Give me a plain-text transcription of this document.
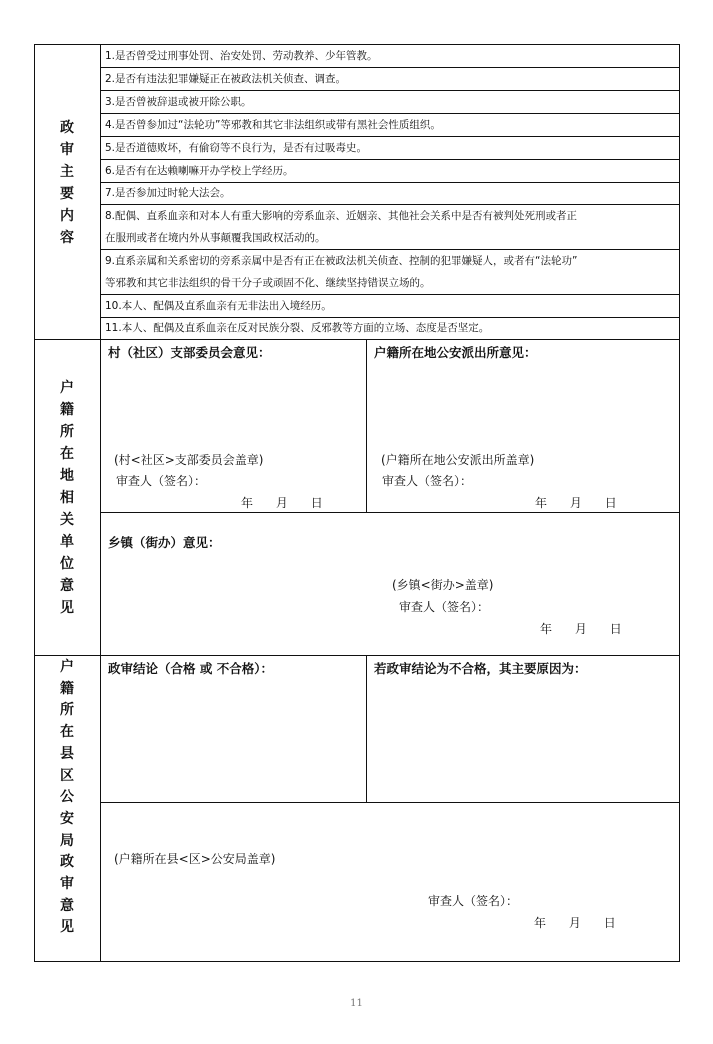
政
审
主
要
内
容
1.是否曾受过刑事处罚、治安处罚、劳动教养、少年管教。
2.是否有违法犯罪嫌疑正在被政法机关侦查、调查。
3.是否曾被辞退或被开除公职。
4.是否曾参加过“法轮功”等邪教和其它非法组织或带有黑社会性质组织。
5.是否道德败坏，有偷窃等不良行为，是否有过吸毒史。
6.是否有在达赖喇嘛开办学校上学经历。
7.是否参加过时轮大法会。
8.配偶、直系血亲和对本人有重大影响的旁系血亲、近姻亲、其他社会关系中是否有被判处死刑或者正
在服刑或者在境内外从事颠覆我国政权活动的。
9.直系亲属和关系密切的旁系亲属中是否有正在被政法机关侦查、控制的犯罪嫌疑人，或者有“法轮功”
等邪教和其它非法组织的骨干分子或顽固不化、继续坚持错误立场的。
10.本人、配偶及直系血亲有无非法出入境经历。
11.本人、配偶及直系血亲在反对民族分裂、反邪教等方面的立场、态度是否坚定。
户
籍
所
在
地
相
关
单
位
意
见
村（社区）支部委员会意见：
(村<社区>支部委员会盖章)
审查人（签名）：
年      月      日
户籍所在地公安派出所意见：
(户籍所在地公安派出所盖章)
审查人（签名）：
年      月      日
乡镇（街办）意见：
(乡镇<街办>盖章)
审查人（签名）：
年      月      日
户
籍
所
在
县
区
公
安
局
政
审
意
见
政审结论（合格 或 不合格）：	若政审结论为不合格，其主要原因为：
(户籍所在县<区>公安局盖章)
审查人（签名）：
年      月      日
11
